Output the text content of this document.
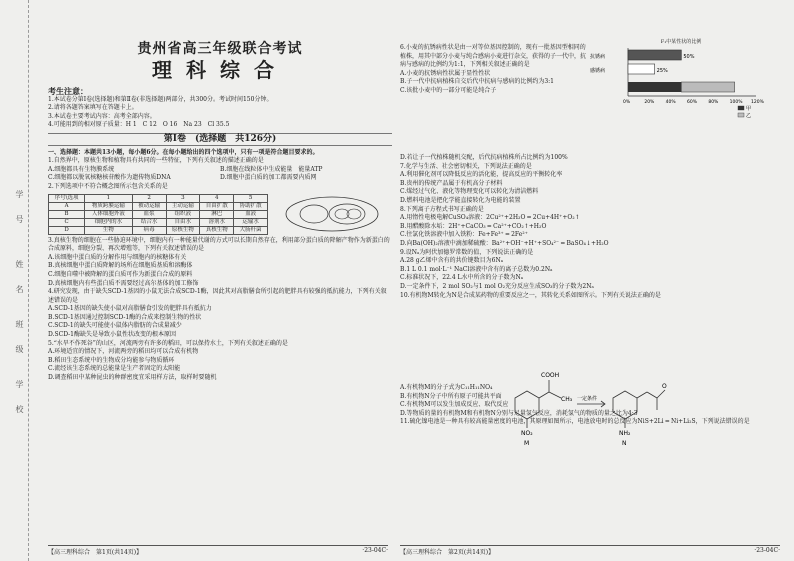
学
号
姓
名
班
级
学
校
贵州省高三年级联合考试
理科综合
考生注意：
1.本试卷分第Ⅰ卷(选择题)和第Ⅱ卷(非选择题)两部分，共300分。考试时间150分钟。
2.请将各题答案填写在答题卡上。
3.本试卷主要考试内容：高考全部内容。
4.可能用到的相对原子质量：H 1　C 12　O 16　Na 23　Cl 35.5
第Ⅰ卷　(选择题　共126分)
一、选择题：本题共13小题，每小题6分。在每小题给出的四个选项中，只有一项是符合题目要求的。
1.自然界中，原核生物和植物具有共同的一些特征，下列有关叙述的描述正确的是
A.细胞都具有生物膜系统	B.细胞在线粒体中生成能量　能量ATP
C.细胞都以脱氧核糖核苷酸作为遗传物质DNA	D.细胞中蛋白质的加工都需要内质网
2.下列选项中不符合概念图所示包含关系的是
序号\选项	1	2	3	4	5
A	物质跨膜运输	被动运输	主动运输	自由扩散	协助扩散
B	人体细胞外液	血浆	组织液	淋巴	血液
C	细胞内的水	结合水	自由水	溶剂水	运输水
D	生物	病毒	原核生物	真核生物	大肠杆菌
3.真核生物的细胞在一些胁迫环境中，细胞内有一种能量代谢的方式可以长期自然存在，利用部分蛋白质的降解产物作为新蛋白的合成原料，细胞分裂、再次增殖等，下列有关叙述错误的是
A.该细胞中蛋白质的分解作用与细胞内的核糖体有关
B.真核细胞中蛋白质降解的场所在细胞质基质和溶酶体
C.细胞自噬中被降解的蛋白质可作为新蛋白合成的原料
D.真核细胞内有些蛋白质不需要经过高尔基体的加工修饰
4.研究发现，由于缺失SCD-1基因的小鼠无法合成SCD-1酶，因此其对高脂膳食所引起的肥胖具有较强的抵抗能力，下列有关叙述错误的是
A.SCD-1基因的缺失使小鼠对高脂膳食引发的肥胖具有抵抗力
B.SCD-1基因通过控制SCD-1酶的合成来控制生物的性状
C.SCD-1的缺失可能使小鼠体内脂肪的合成量减少
D.SCD-1酶缺失是导致小鼠性状改变的根本原因
5.“水旱不作死谷”的山区，河流两旁有许多的稻田，可以保持水土，下列有关叙述正确的是
A.环境适宜的情况下，河流两旁的稻田均可以合成有机物
B.稻田生态系统中的生物成分均能参与物质循环
C.流经该生态系统的总能量是生产者固定的太阳能
D.调查稻田中某种昆虫的种群密度宜采用样方法，取样时要随机
【高三理科综合　第1页(共14页)】	·23-04C·
6.小麦的抗锈病性状是由一对等位基因控制的，现有一批基因型相同的植株，用其中部分小麦与纯合感病小麦进行杂交，获得的子一代中，抗病与感病的比例约为1:1，下列相关叙述正确的是
A.小麦的抗锈病性状属于显性性状
B.子一代中抗病植株自交后代中抗病与感病的比例约为3:1
C.该批小麦中的一部分可能是纯合子
F₁中某性状的比例
抗锈病	50%
感锈病	25%
0%	20%	40%	60%	80%	100% 120%
甲
乙
D.若让子一代植株随机交配，后代抗病植株所占比例约为100%
7.化学与生活、社会密切相关，下列说法正确的是
A.利用催化剂可以降低反应的活化能，提高反应的平衡转化率
B.贵州的传统产品属于有机高分子材料
C.煤经过气化、液化等物理变化可以转化为清洁燃料
D.燃料电池是把化学能直接转化为电能的装置
8.下列离子方程式书写正确的是
A.用惰性电极电解CuSO₄溶液：2Cu²⁺+2H₂O ═ 2Cu+4H⁺+O₂↑
B.用醋酸除水垢：2H⁺+CaCO₃ ═ Ca²⁺+CO₂↑+H₂O
C.往氯化铁溶液中加入铁粉：Fe+Fe³⁺ ═ 2Fe²⁺
D.向Ba(OH)₂溶液中滴加稀硫酸：Ba²⁺+OH⁻+H⁺+SO₄²⁻ ═ BaSO₄↓+H₂O
9.设Nₐ为阿伏加德罗常数的值，下列说法正确的是
A.28 g乙烯中含有的共价键数目为6Nₐ
B.1 L 0.1 mol·L⁻¹ NaCl溶液中含有的离子总数为0.2Nₐ
C.标准状况下，22.4 L水中所含的分子数为Nₐ
D.一定条件下，2 mol SO₂与1 mol O₂充分反应生成SO₃的分子数为2Nₐ
10.有机物M转化为N是合成某药物的重要反应之一，其转化关系如图所示。下列有关说法正确的是
A.有机物M的分子式为C₁₁H₁₁NO₄
B.有机物N分子中所有原子可能共平面
C.有机物M可以发生加成反应、取代反应
D.等物质的量的有机物M和有机物N分别与足量氢气反应，消耗氢气的物质的量之比为4:3
11.硫化镍电池是一种具有较高能量密度的电池，其原理如图所示，电池放电时的总反应为NiS+2Li ═ Ni+Li₂S，下列说法错误的是
COOH
CH₃
NO₂
M
一定条件
O
NH₂
N
【高三理科综合　第2页(共14页)】	·23-04C·
